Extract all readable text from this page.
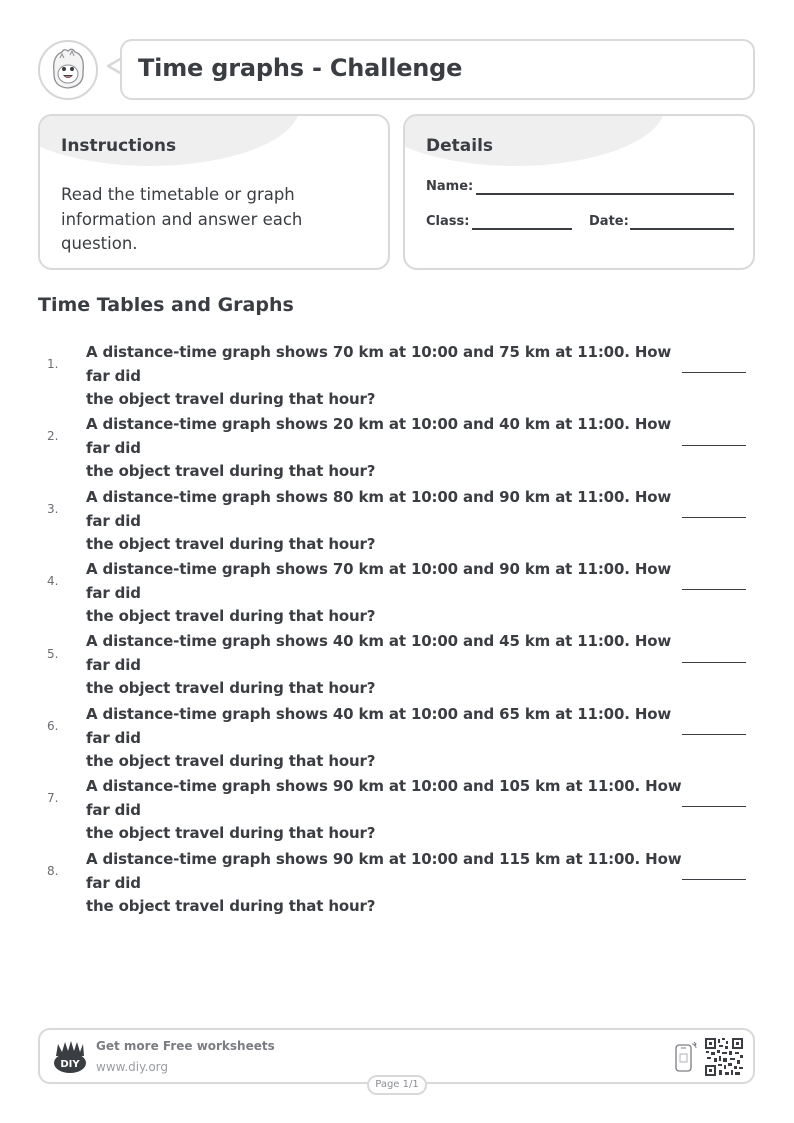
Time graphs - Challenge
Instructions
Read the timetable or graph information and answer each question.
Details
Name:
Class:	Date:
Time Tables and Graphs
1.
A distance-time graph shows 70 km at 10:00 and 75 km at 11:00. How far did
the object travel during that hour?
2.
A distance-time graph shows 20 km at 10:00 and 40 km at 11:00. How far did
the object travel during that hour?
3.
A distance-time graph shows 80 km at 10:00 and 90 km at 11:00. How far did
the object travel during that hour?
4.
A distance-time graph shows 70 km at 10:00 and 90 km at 11:00. How far did
the object travel during that hour?
5.
A distance-time graph shows 40 km at 10:00 and 45 km at 11:00. How far did
the object travel during that hour?
6.
A distance-time graph shows 40 km at 10:00 and 65 km at 11:00. How far did
the object travel during that hour?
7.
A distance-time graph shows 90 km at 10:00 and 105 km at 11:00. How far did
the object travel during that hour?
8.
A distance-time graph shows 90 km at 10:00 and 115 km at 11:00. How far did
the object travel during that hour?
DIY
Get more Free worksheets
www.diy.org
Page 1/1
